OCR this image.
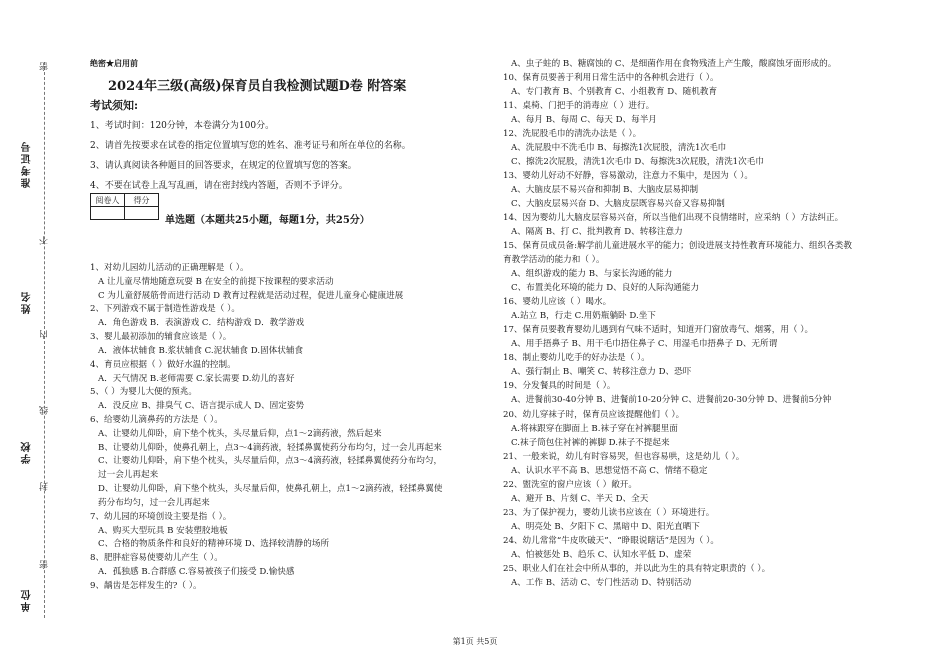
准考证号
姓名
学校
单位
密
不
内
线
封
密
绝密★启用前
2024年三级(高级)保育员自我检测试题D卷 附答案
考试须知:
1、考试时间：120分钟，本卷满分为100分。
2、请首先按要求在试卷的指定位置填写您的姓名、准考证号和所在单位的名称。
3、请认真阅读各种题目的回答要求，在规定的位置填写您的答案。
4、不要在试卷上乱写乱画，请在密封线内答题，否则不予评分。
阅卷人	得分

单选题（本题共25小题，每题1分，共25分）
1、对幼儿园幼儿活动的正确理解是（ ）。
A 让儿童尽情地随意玩耍 B 在安全的前提下按课程的要求活动
C 为儿童舒展筋骨而进行活动 D 教育过程就是活动过程，促进儿童身心健康进展
2、下列游戏不属于制造性游戏是（ ）。
A．角色游戏 B．表演游戏 C．结构游戏 D．教学游戏
3、婴儿最初添加的辅食应该是（ ）。
A．液体状辅食 B.浆状辅食 C.泥状辅食 D.固体状辅食
4、育员应根据（ ）做好水温的控制。
A．天气情况 B.老师需要 C.家长需要 D.幼儿的喜好
5、（ ）为婴儿大便的预兆。
A．没反应 B、排臭气 C、语言提示成人 D、固定姿势
6、给婴幼儿滴鼻药的方法是（ ）。
A、让婴幼儿仰卧，肩下垫个枕头，头尽量后仰，点1～2滴药液，然后起来
B、让婴幼儿仰卧，使鼻孔朝上，点3～4滴药液，轻揉鼻翼使药分布均匀，过一会儿再起来
C、让婴幼儿仰卧，肩下垫个枕头，头尽量后仰，点3～4滴药液，轻揉鼻翼使药分布均匀，
过一会儿再起来
D、让婴幼儿仰卧，肩下垫个枕头，头尽量后仰，使鼻孔朝上，点1～2滴药液，轻揉鼻翼使
药分布均匀，过一会儿再起来
7、幼儿园的环境创设主要是指（ ）。
A、购买大型玩具 B 安装塑胶地板
C、合格的物质条件和良好的精神环境 D、选择较清静的场所
8、肥胖症容易使婴幼儿产生（ ）。
A．孤独感 B.合群感 C.容易被孩子们接受 D.愉快感
9、龋齿是怎样发生的?（ ）。
A、虫子蛀的 B、糖腐蚀的 C、是细菌作用在食物残渣上产生酸，酸腐蚀牙面形成的。
10、保育员要善于利用日常生活中的各种机会进行（ ）。
A、专门教育 B、个别教育 C、小组教育 D、随机教育
11、桌椅、门把手的消毒应（ ）进行。
A、每月 B、每周 C、每天 D、每半月
12、洗屁股毛巾的清洗办法是（ ）。
A、洗屁股中不洗毛巾 B、每擦洗1次屁股，清洗1次毛巾
C、擦洗2次屁股，清洗1次毛巾 D、每擦洗3次屁股，清洗1次毛巾
13、婴幼儿好动不好静，容易激动，注意力不集中，是因为（ ）。
A、大脑皮层不易兴奋和抑制 B、大脑皮层易抑制
C、大脑皮层易兴奋 D、大脑皮层既容易兴奋又容易抑制
14、因为婴幼儿大脑皮层容易兴奋，所以当他们出现不良情绪时，应采纳（ ）方法纠正。
A、隔离 B、打 C、批判教育 D、转移注意力
15、保育员成员备:解学前儿童进展水平的能力；创设进展支持性教育环境能力、组织各类教
育教学活动的能力和（ ）。
A、组织游戏的能力 B、与家长沟通的能力
C、布置美化环境的能力 D、良好的人际沟通能力
16、婴幼儿应该（ ）喝水。
A.站立 B，行走 C.用奶瓶躺卧 D.坐下
17、保育员要教育婴幼儿遇到有气味不适时，知道开门窗放毒气、烟雾，用（ ）。
A、用手捂鼻子 B、用干毛巾捂住鼻子 C、用湿毛巾捂鼻子 D、无所谓
18、制止婴幼儿吃手的好办法是（ ）。
A、强行制止 B、嘲笑 C、转移注意力 D、恐吓
19、分发餐具的时间是（ ）。
A、进餐前30-40分钟 B、进餐前10-20分钟 C、进餐前20-30分钟 D、进餐前5分钟
20、幼儿穿袜子时，保育员应该提醒他们（ ）。
A.将袜跟穿在脚面上 B.袜子穿在衬裤腿里面
C.袜子筒包住衬裤的裤脚 D.袜子不提起来
21、一般来说，幼儿有时容易哭，但也容易哄，这是幼儿（ ）。
A、认识水平不高 B、思想觉悟不高 C、情绪不稳定
22、盥洗室的窗户应该（ ）敞开。
A、避开 B、片刻 C、半天 D、全天
23、为了保护视力，婴幼儿读书应该在（ ）环境进行。
A、明亮处 B、夕阳下 C、黑暗中 D、阳光直晒下
24、幼儿常常“牛皮吹破天”、“睁眼说瞎话”是因为（ ）。
A、怕被惩处 B、趋乐 C、认知水平低 D、虚荣
25、职业人们在社会中所从事的，并以此为生的具有特定职责的（ ）。
A、工作 B、活动 C、专门性活动 D、特别活动
第1页 共5页
